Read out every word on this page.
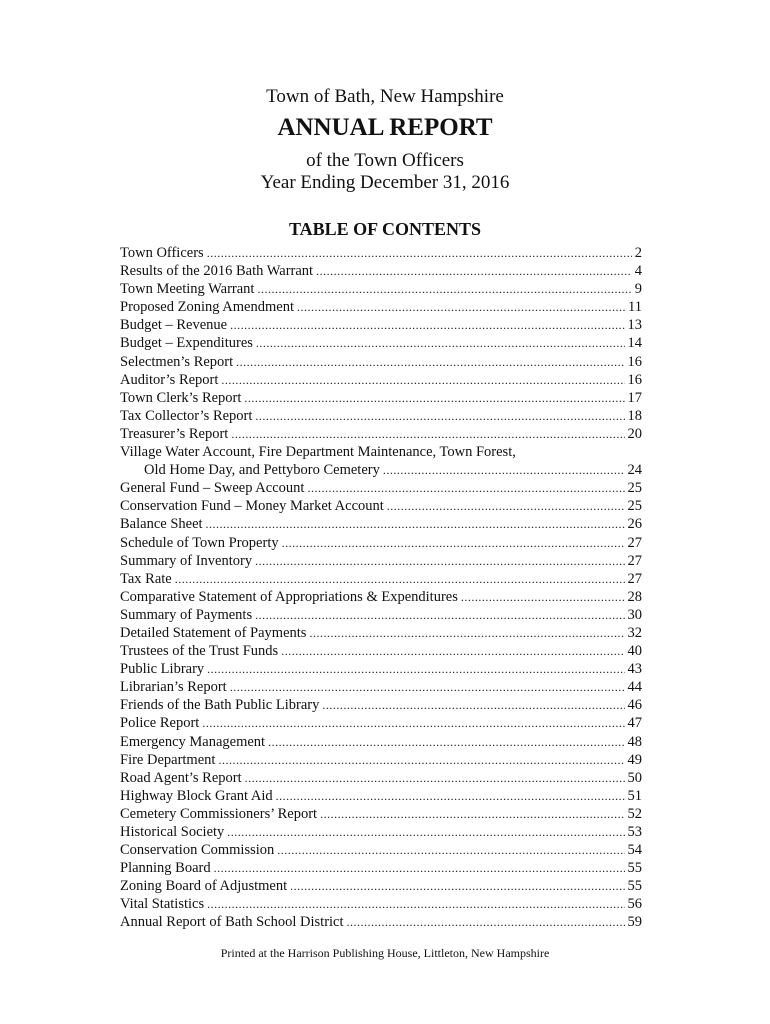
Town of Bath, New Hampshire
ANNUAL REPORT
of the Town Officers
Year Ending December 31, 2016
TABLE OF CONTENTS
Town Officers .....	2
Results of the 2016 Bath Warrant .....	4
Town Meeting Warrant .....	9
Proposed Zoning Amendment .....	11
Budget – Revenue .....	13
Budget – Expenditures .....	14
Selectmen’s Report .....	16
Auditor’s Report .....	16
Town Clerk’s Report .....	17
Tax Collector’s Report .....	18
Treasurer’s Report .....	20
Village Water Account, Fire Department Maintenance, Town Forest,
Old Home Day, and Pettyboro Cemetery .....	24
General Fund – Sweep Account .....	25
Conservation Fund – Money Market Account .....	25
Balance Sheet .....	26
Schedule of Town Property .....	27
Summary of Inventory .....	27
Tax Rate .....	27
Comparative Statement of Appropriations & Expenditures .....	28
Summary of Payments .....	30
Detailed Statement of Payments .....	32
Trustees of the Trust Funds .....	40
Public Library .....	43
Librarian’s Report .....	44
Friends of the Bath Public Library .....	46
Police Report .....	47
Emergency Management .....	48
Fire Department .....	49
Road Agent’s Report .....	50
Highway Block Grant Aid .....	51
Cemetery Commissioners’ Report .....	52
Historical Society .....	53
Conservation Commission .....	54
Planning Board .....	55
Zoning Board of Adjustment .....	55
Vital Statistics .....	56
Annual Report of Bath School District .....	59
Printed at the Harrison Publishing House, Littleton, New Hampshire
